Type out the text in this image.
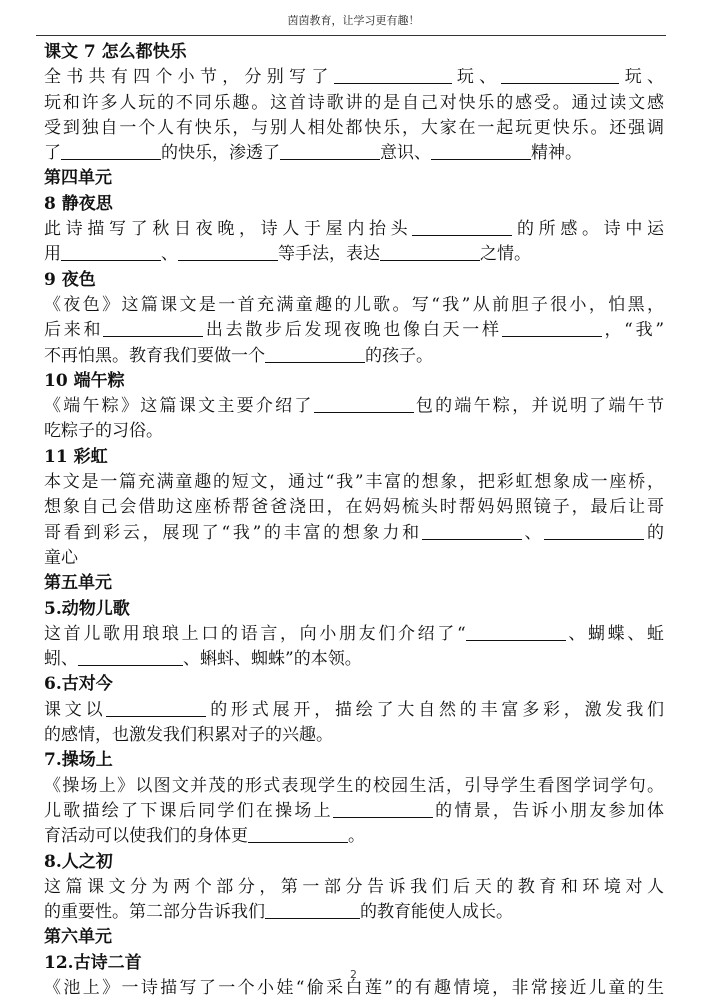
茵茵教育，让学习更有趣！
课文 7 怎么都快乐
全书共有四个小节，分别写了	玩、	玩、
玩和许多人玩的不同乐趣。这首诗歌讲的是自己对快乐的感受。通过读文感
受到独自一个人有快乐，与别人相处都快乐，大家在一起玩更快乐。还强调
了	的快乐，渗透了	意识、	精神。
第四单元
8 静夜思
此诗描写了秋日夜晚，诗人于屋内抬头	的所感。诗中运
用	、	等手法，表达	之情。
9 夜色
《夜色》这篇课文是一首充满童趣的儿歌。写“我”从前胆子很小，怕黑，
后来和	出去散步后发现夜晚也像白天一样	，“我”
不再怕黑。教育我们要做一个	的孩子。
10 端午粽
《端午粽》这篇课文主要介绍了	包的端午粽，并说明了端午节
吃粽子的习俗。
11 彩虹
本文是一篇充满童趣的短文，通过“我”丰富的想象，把彩虹想象成一座桥，
想象自己会借助这座桥帮爸爸浇田，在妈妈梳头时帮妈妈照镜子，最后让哥
哥看到彩云，展现了“我”的丰富的想象力和	、	的
童心
第五单元
5.动物儿歌
这首儿歌用琅琅上口的语言，向小朋友们介绍了“	、蝴蝶、蚯
蚓、	、蝌蚪、蜘蛛”的本领。
6.古对今
课文以	的形式展开，描绘了大自然的丰富多彩，激发我们
的感情，也激发我们积累对子的兴趣。
7.操场上
《操场上》以图文并茂的形式表现学生的校园生活，引导学生看图学词学句。
儿歌描绘了下课后同学们在操场上	的情景，告诉小朋友参加体
育活动可以使我们的身体更	。
8.人之初
这篇课文分为两个部分，第一部分告诉我们后天的教育和环境对人
的重要性。第二部分告诉我们	的教育能使人成长。
第六单元
12.古诗二首
《池上》一诗描写了一个小娃“偷采白莲”的有趣情境，非常接近儿童的生
2
